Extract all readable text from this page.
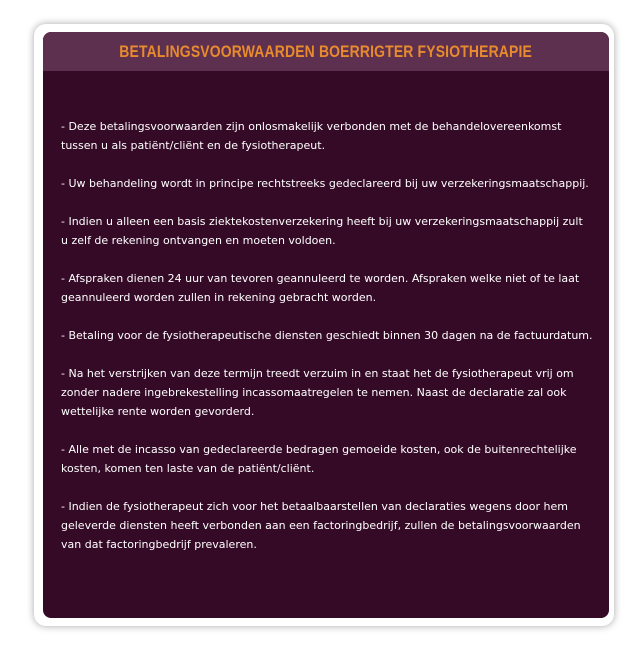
BETALINGSVOORWAARDEN BOERRIGTER FYSIOTHERAPIE

- Deze betalingsvoorwaarden zijn onlosmakelijk verbonden met de behandelovereenkomst
tussen u als patiënt/cliënt en de fysiotherapeut.

- Uw behandeling wordt in principe rechtstreeks gedeclareerd bij uw verzekeringsmaatschappij.

- Indien u alleen een basis ziektekostenverzekering heeft bij uw verzekeringsmaatschappij zult
u zelf de rekening ontvangen en moeten voldoen.

- Afspraken dienen 24 uur van tevoren geannuleerd te worden. Afspraken welke niet of te laat
geannuleerd worden zullen in rekening gebracht worden.

- Betaling voor de fysiotherapeutische diensten geschiedt binnen 30 dagen na de factuurdatum.

- Na het verstrijken van deze termijn treedt verzuim in en staat het de fysiotherapeut vrij om
zonder nadere ingebrekestelling incassomaatregelen te nemen. Naast de declaratie zal ook
wettelijke rente worden gevorderd.

- Alle met de incasso van gedeclareerde bedragen gemoeide kosten, ook de buitenrechtelijke
kosten, komen ten laste van de patiënt/cliënt.

- Indien de fysiotherapeut zich voor het betaalbaarstellen van declaraties wegens door hem
geleverde diensten heeft verbonden aan een factoringbedrijf, zullen de betalingsvoorwaarden
van dat factoringbedrijf prevaleren.
